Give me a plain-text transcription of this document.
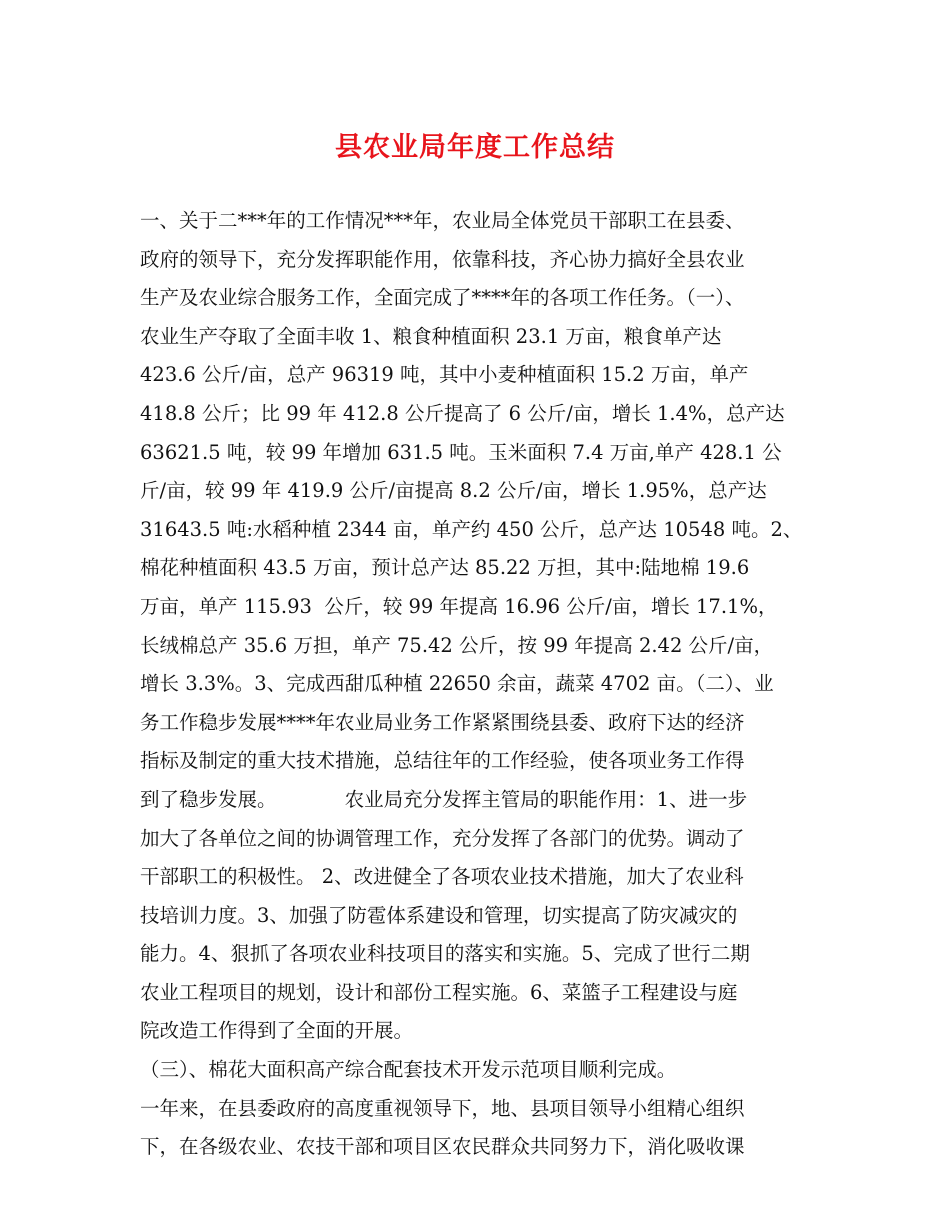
县农业局年度工作总结
一、关于二***年的工作情况***年，农业局全体党员干部职工在县委、
政府的领导下，充分发挥职能作用，依靠科技，齐心协力搞好全县农业
生产及农业综合服务工作，全面完成了****年的各项工作任务。（一）、
农业生产夺取了全面丰收 1、粮食种植面积 23.1 万亩，粮食单产达
423.6 公斤/亩，总产 96319 吨，其中小麦种植面积 15.2 万亩，单产
418.8 公斤；比 99 年 412.8 公斤提高了 6 公斤/亩，增长 1.4%，总产达
63621.5 吨，较 99 年增加 631.5 吨。玉米面积 7.4 万亩,单产 428.1 公
斤/亩，较 99 年 419.9 公斤/亩提高 8.2 公斤/亩，增长 1.95%，总产达
31643.5 吨:水稻种植 2344 亩，单产约 450 公斤，总产达 10548 吨。2、
棉花种植面积 43.5 万亩，预计总产达 85.22 万担，其中:陆地棉 19.6
万亩，单产 115.93  公斤，较 99 年提高 16.96 公斤/亩，增长 17.1%，
长绒棉总产 35.6 万担，单产 75.42 公斤，按 99 年提高 2.42 公斤/亩，
增长 3.3%。3、完成西甜瓜种植 22650 余亩，蔬菜 4702 亩。（二）、业
务工作稳步发展****年农业局业务工作紧紧围绕县委、政府下达的经济
指标及制定的重大技术措施，总结往年的工作经验，使各项业务工作得
到了稳步发展。           农业局充分发挥主管局的职能作用：1、进一步
加大了各单位之间的协调管理工作，充分发挥了各部门的优势。调动了
干部职工的积极性。 2、改进健全了各项农业技术措施，加大了农业科
技培训力度。3、加强了防雹体系建设和管理，切实提高了防灾减灾的
能力。4、狠抓了各项农业科技项目的落实和实施。5、完成了世行二期
农业工程项目的规划，设计和部份工程实施。6、菜篮子工程建设与庭
院改造工作得到了全面的开展。
（三）、棉花大面积高产综合配套技术开发示范项目顺利完成。
一年来，在县委政府的高度重视领导下，地、县项目领导小组精心组织
下，在各级农业、农技干部和项目区农民群众共同努力下，消化吸收课
